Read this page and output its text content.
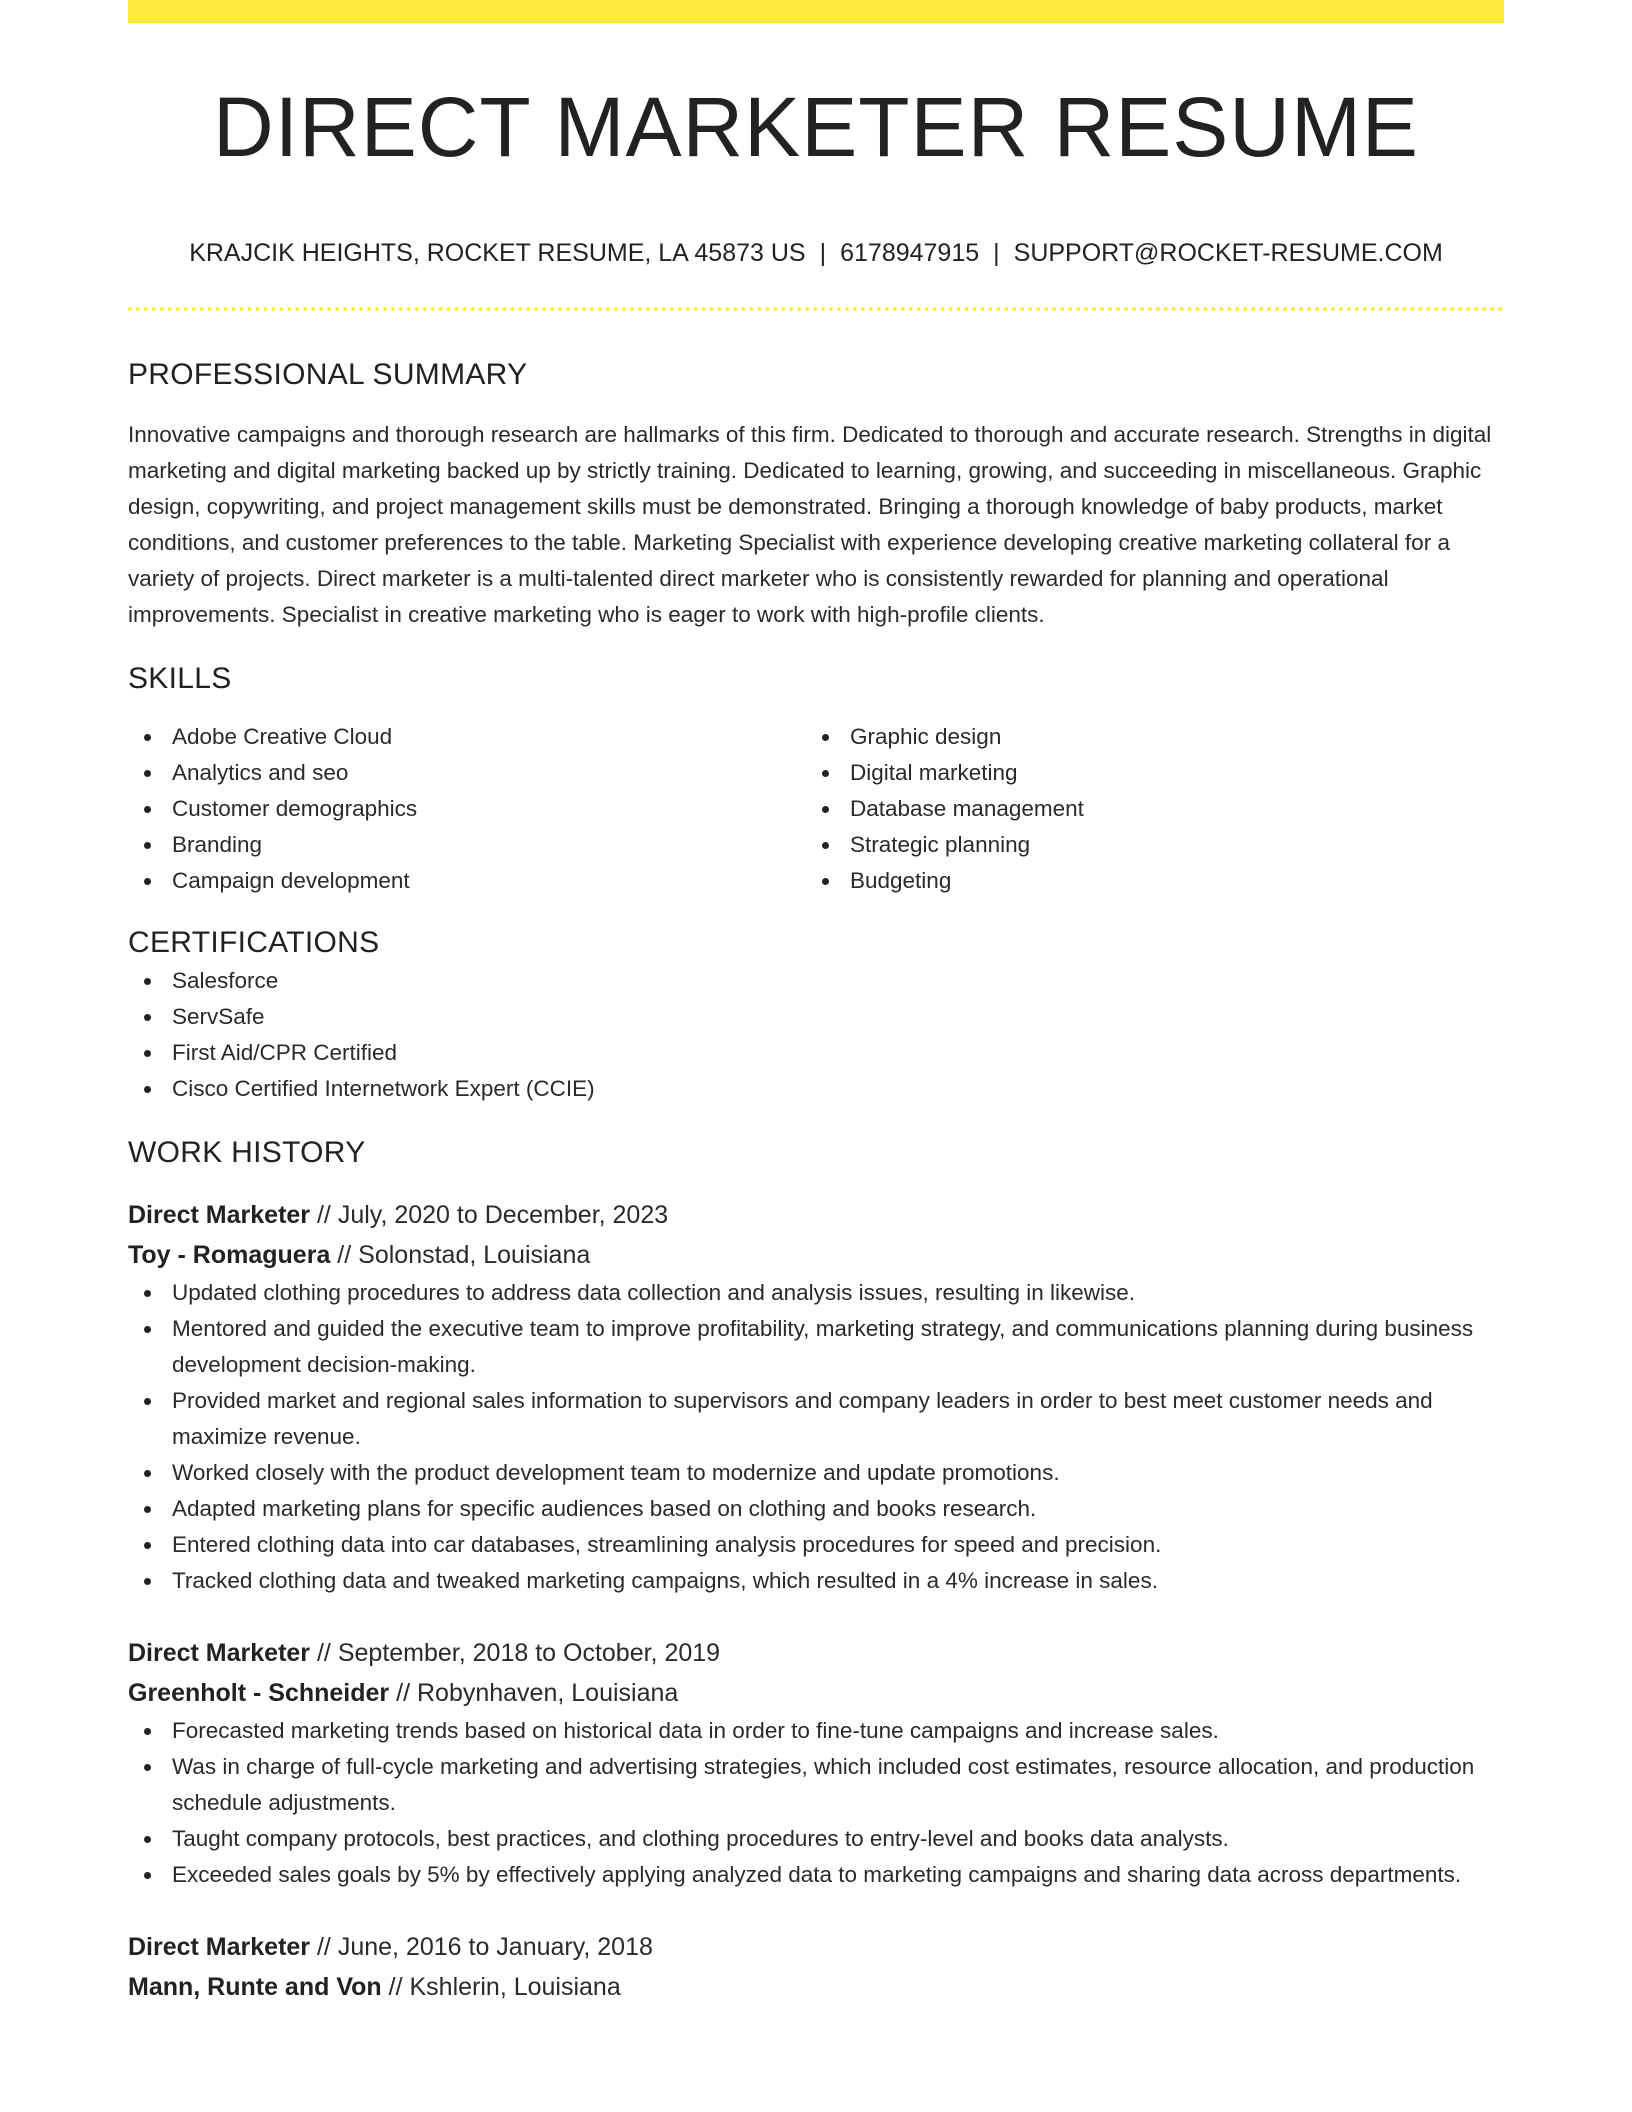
DIRECT MARKETER RESUME
KRAJCIK HEIGHTS, ROCKET RESUME, LA 45873 US | 6178947915 | SUPPORT@ROCKET-RESUME.COM
PROFESSIONAL SUMMARY

Innovative campaigns and thorough research are hallmarks of this firm. Dedicated to thorough and accurate research. Strengths in digital marketing and digital marketing backed up by strictly training. Dedicated to learning, growing, and succeeding in miscellaneous. Graphic design, copywriting, and project management skills must be demonstrated. Bringing a thorough knowledge of baby products, market conditions, and customer preferences to the table. Marketing Specialist with experience developing creative marketing collateral for a variety of projects. Direct marketer is a multi-talented direct marketer who is consistently rewarded for planning and operational improvements. Specialist in creative marketing who is eager to work with high-profile clients.

SKILLS
Adobe Creative Cloud
Analytics and seo
Customer demographics
Branding
Campaign development
Graphic design
Digital marketing
Database management
Strategic planning
Budgeting
CERTIFICATIONS
Salesforce
ServSafe
First Aid/CPR Certified
Cisco Certified Internetwork Expert (CCIE)
WORK HISTORY
Direct Marketer // July, 2020 to December, 2023
Toy - Romaguera // Solonstad, Louisiana
Updated clothing procedures to address data collection and analysis issues, resulting in likewise.
Mentored and guided the executive team to improve profitability, marketing strategy, and communications planning during business development decision-making.
Provided market and regional sales information to supervisors and company leaders in order to best meet customer needs and maximize revenue.
Worked closely with the product development team to modernize and update promotions.
Adapted marketing plans for specific audiences based on clothing and books research.
Entered clothing data into car databases, streamlining analysis procedures for speed and precision.
Tracked clothing data and tweaked marketing campaigns, which resulted in a 4% increase in sales.
Direct Marketer // September, 2018 to October, 2019
Greenholt - Schneider // Robynhaven, Louisiana
Forecasted marketing trends based on historical data in order to fine-tune campaigns and increase sales.
Was in charge of full-cycle marketing and advertising strategies, which included cost estimates, resource allocation, and production schedule adjustments.
Taught company protocols, best practices, and clothing procedures to entry-level and books data analysts.
Exceeded sales goals by 5% by effectively applying analyzed data to marketing campaigns and sharing data across departments.
Direct Marketer // June, 2016 to January, 2018
Mann, Runte and Von // Kshlerin, Louisiana
